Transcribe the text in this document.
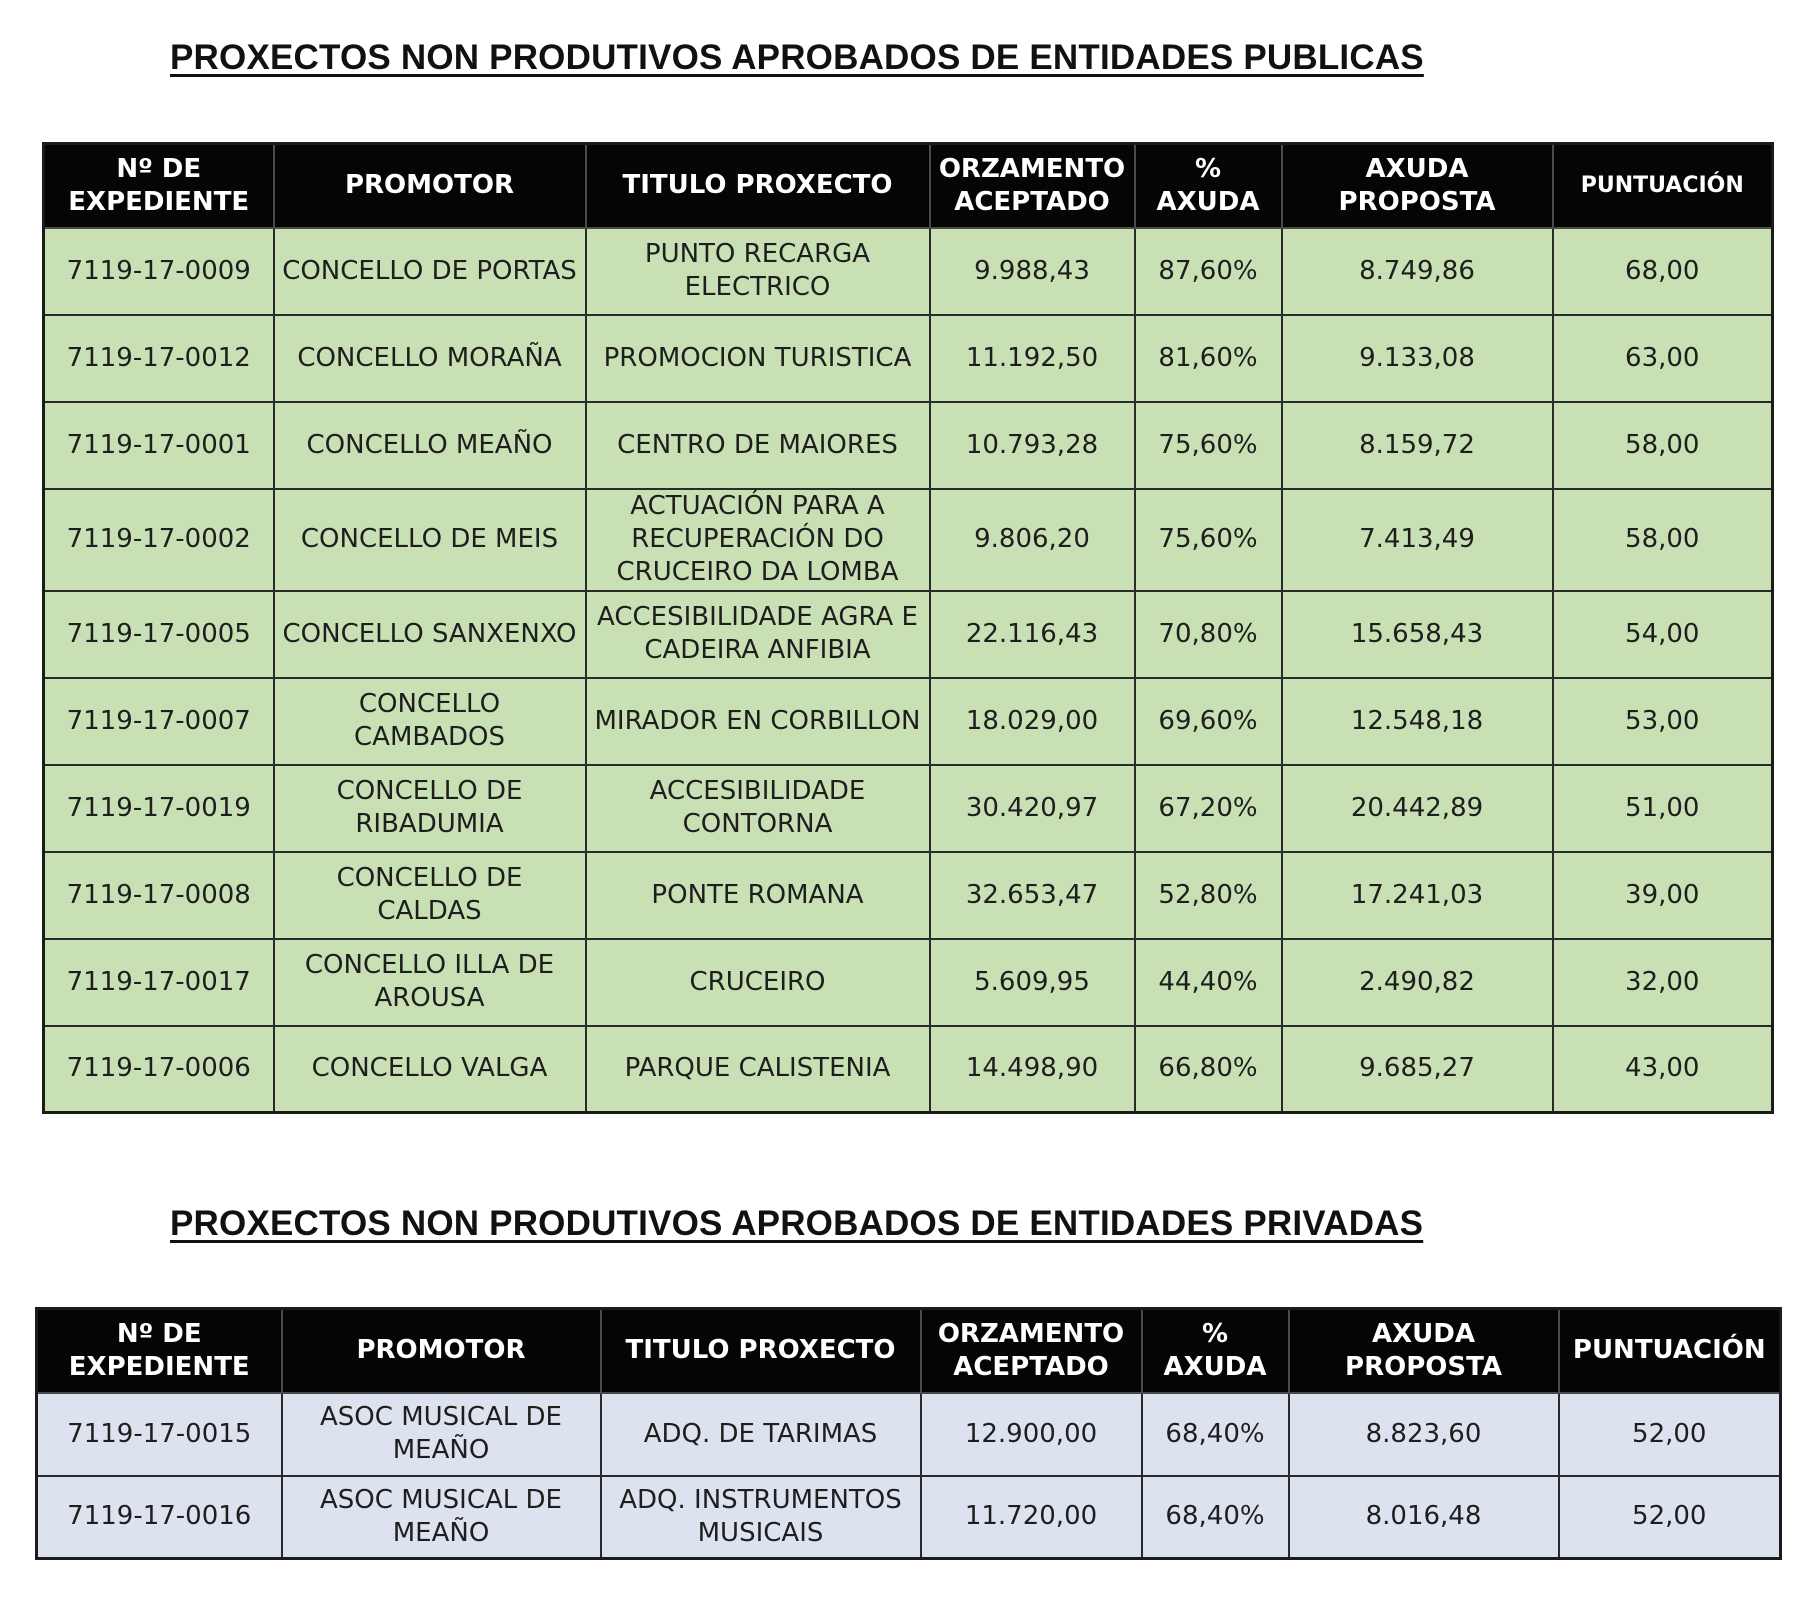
PROXECTOS NON PRODUTIVOS APROBADOS DE ENTIDADES PUBLICAS
Nº DE EXPEDIENTE	PROMOTOR	TITULO PROXECTO	ORZAMENTO ACEPTADO	% AXUDA	AXUDA PROPOSTA	PUNTUACIÓN
7119-17-0009	CONCELLO DE PORTAS	PUNTO RECARGA ELECTRICO	9.988,43	87,60%	8.749,86	68,00
7119-17-0012	CONCELLO MORAÑA	PROMOCION TURISTICA	11.192,50	81,60%	9.133,08	63,00
7119-17-0001	CONCELLO MEAÑO	CENTRO DE MAIORES	10.793,28	75,60%	8.159,72	58,00
7119-17-0002	CONCELLO DE MEIS	ACTUACIÓN PARA A RECUPERACIÓN DO CRUCEIRO DA LOMBA	9.806,20	75,60%	7.413,49	58,00
7119-17-0005	CONCELLO SANXENXO	ACCESIBILIDADE AGRA E CADEIRA ANFIBIA	22.116,43	70,80%	15.658,43	54,00
7119-17-0007	CONCELLO CAMBADOS	MIRADOR EN CORBILLON	18.029,00	69,60%	12.548,18	53,00
7119-17-0019	CONCELLO DE RIBADUMIA	ACCESIBILIDADE CONTORNA	30.420,97	67,20%	20.442,89	51,00
7119-17-0008	CONCELLO DE CALDAS	PONTE ROMANA	32.653,47	52,80%	17.241,03	39,00
7119-17-0017	CONCELLO ILLA DE AROUSA	CRUCEIRO	5.609,95	44,40%	2.490,82	32,00
7119-17-0006	CONCELLO VALGA	PARQUE CALISTENIA	14.498,90	66,80%	9.685,27	43,00
PROXECTOS NON PRODUTIVOS APROBADOS DE ENTIDADES PRIVADAS
Nº DE EXPEDIENTE	PROMOTOR	TITULO PROXECTO	ORZAMENTO ACEPTADO	% AXUDA	AXUDA PROPOSTA	PUNTUACIÓN
7119-17-0015	ASOC MUSICAL DE MEAÑO	ADQ. DE TARIMAS	12.900,00	68,40%	8.823,60	52,00
7119-17-0016	ASOC MUSICAL DE MEAÑO	ADQ. INSTRUMENTOS MUSICAIS	11.720,00	68,40%	8.016,48	52,00
